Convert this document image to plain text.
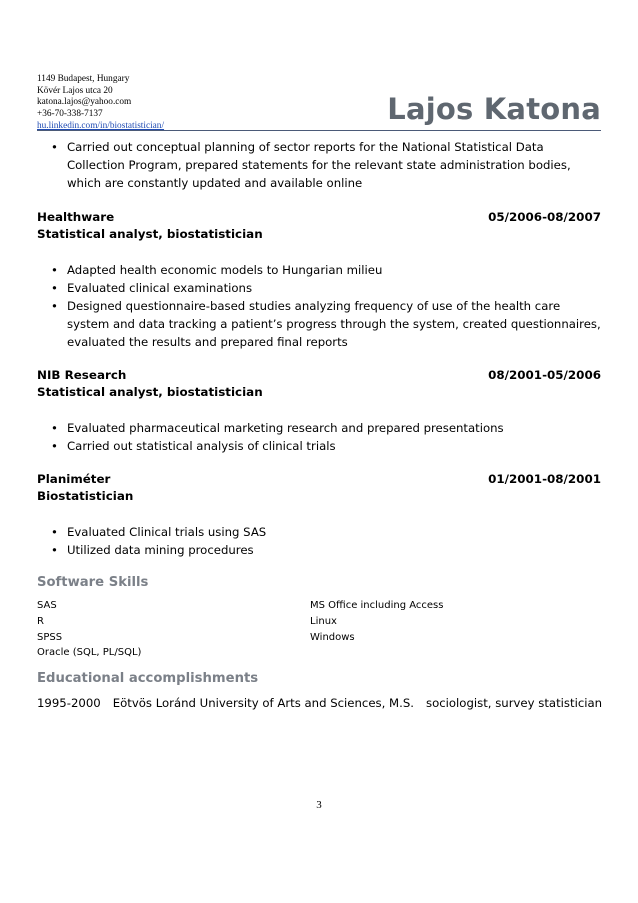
1149 Budapest, Hungary
Kövér Lajos utca 20
katona.lajos@yahoo.com
+36-70-338-7137
hu.linkedin.com/in/biostatistician/	Lajos Katona
• Carried out conceptual planning of sector reports for the National Statistical Data Collection Program, prepared statements for the relevant state administration bodies, which are constantly updated and available online
Healthware	05/2006-08/2007
Statistical analyst, biostatistician
• Adapted health economic models to Hungarian milieu
• Evaluated clinical examinations
• Designed questionnaire-based studies analyzing frequency of use of the health care system and data tracking a patient’s progress through the system, created questionnaires, evaluated the results and prepared final reports
NIB Research	08/2001-05/2006
Statistical analyst, biostatistician
• Evaluated pharmaceutical marketing research and prepared presentations
• Carried out statistical analysis of clinical trials
Planiméter	01/2001-08/2001
Biostatistician
• Evaluated Clinical trials using SAS
• Utilized data mining procedures
Software Skills
SAS
R
SPSS
Oracle (SQL, PL/SQL)
MS Office including Access
Linux
Windows
Educational accomplishments
1995-2000 Eötvös Loránd University of Arts and Sciences, M.S. sociologist, survey statistician
3
